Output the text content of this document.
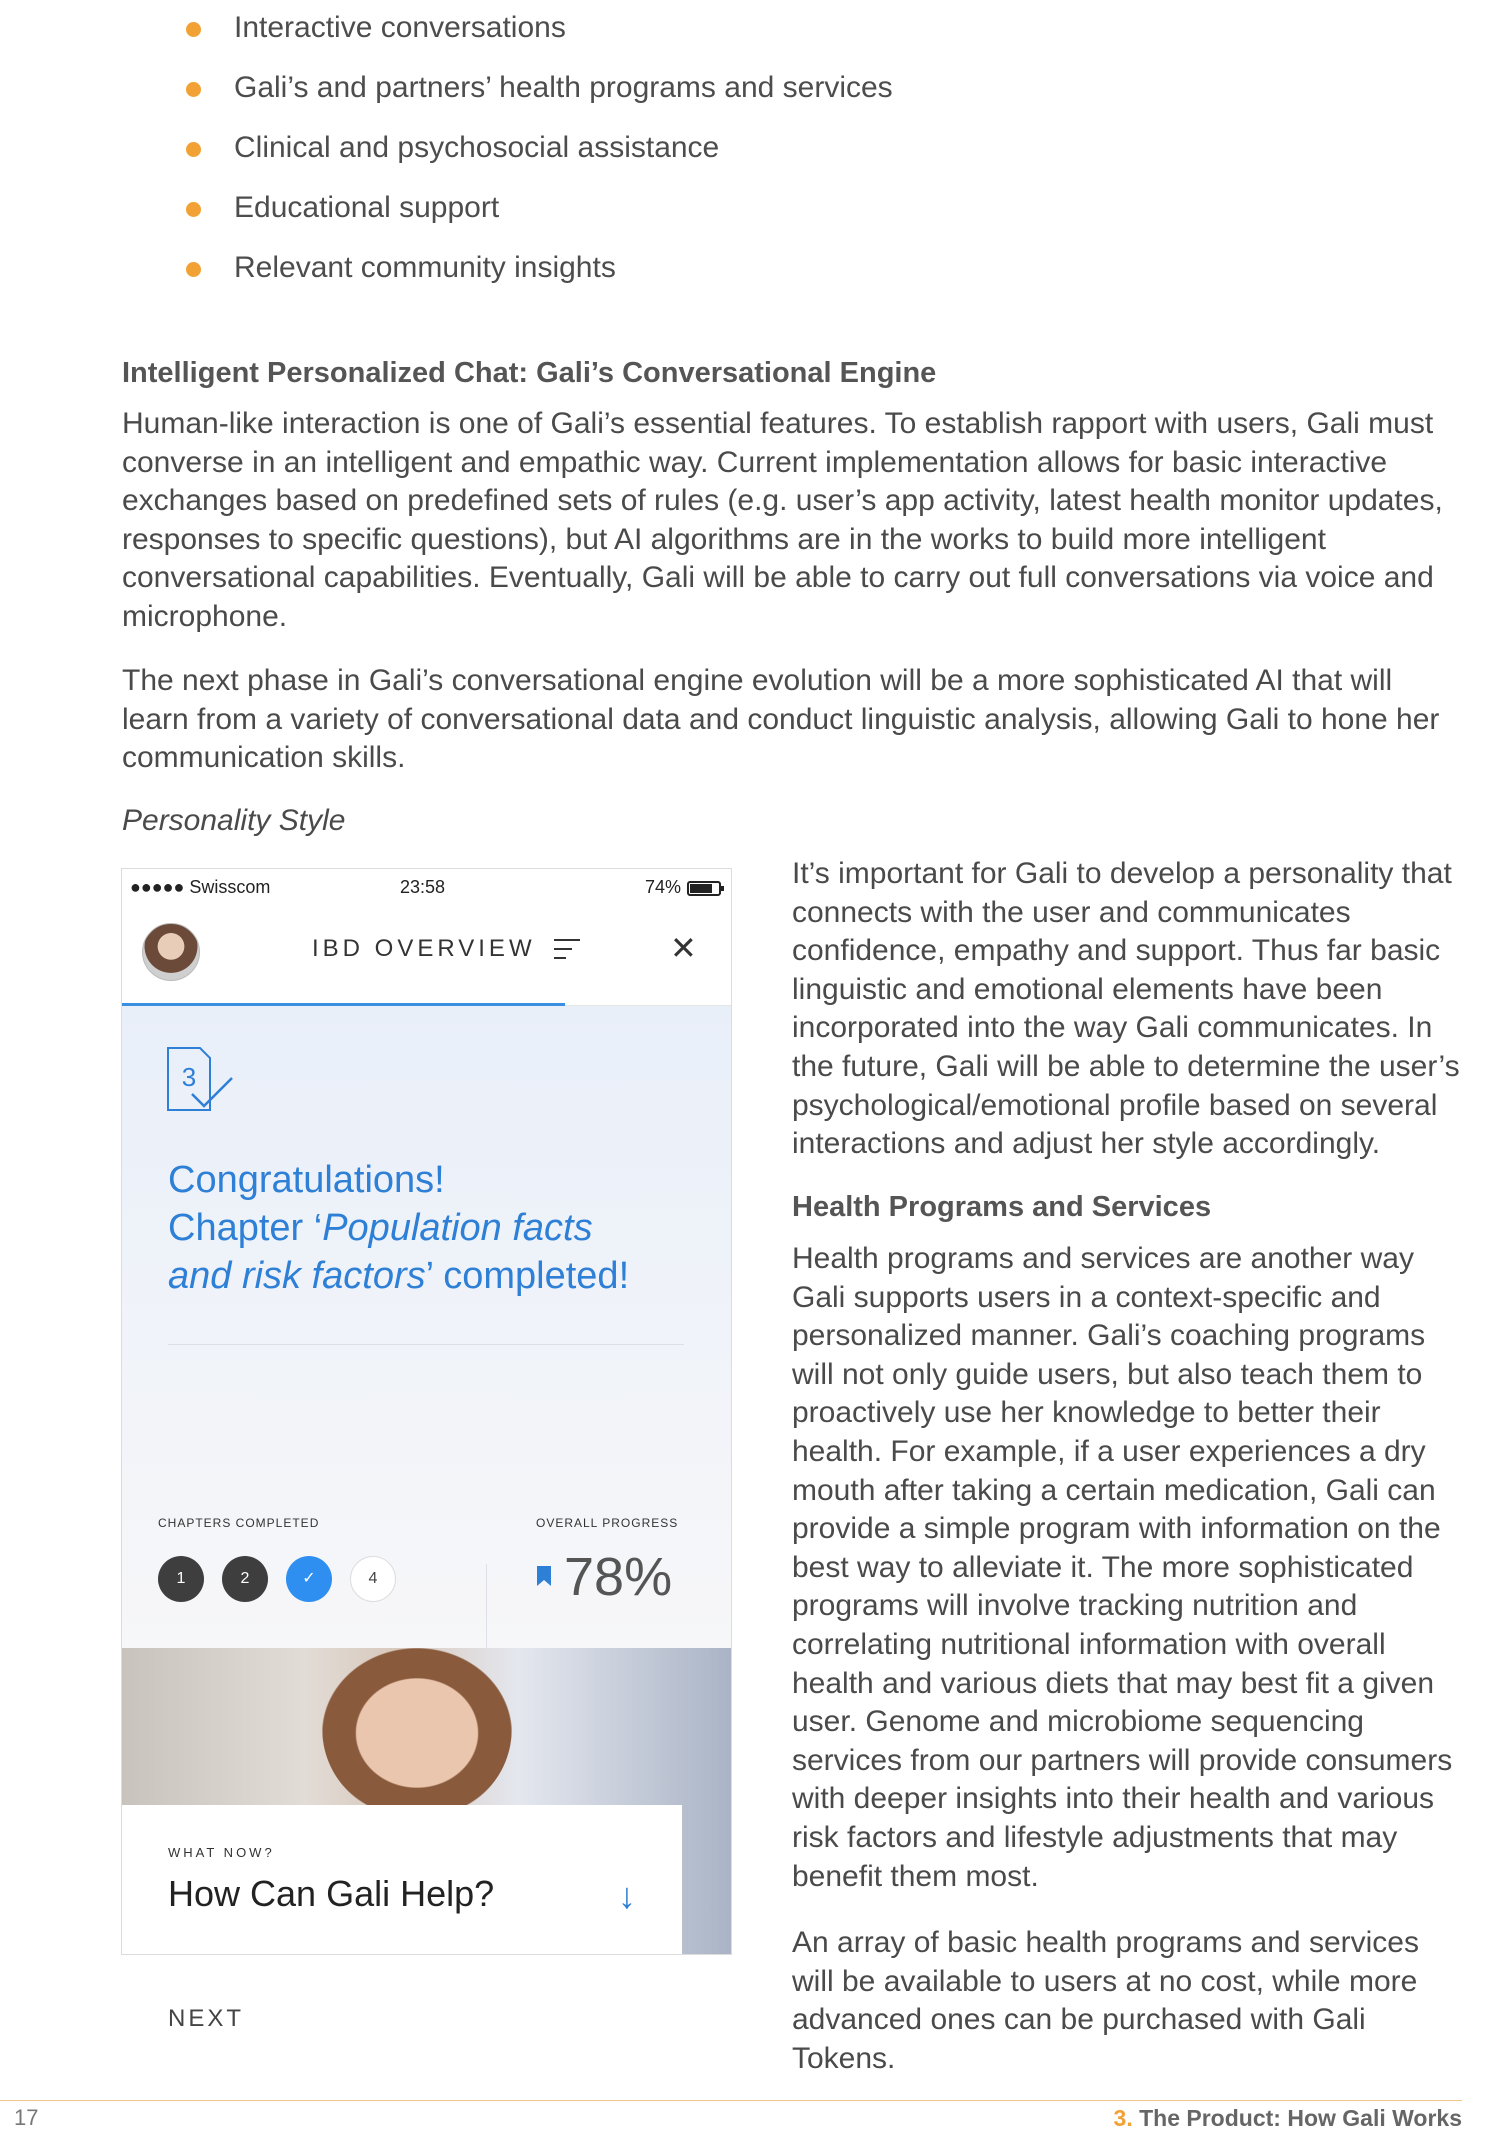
Interactive conversations
Gali’s and partners’ health programs and services
Clinical and psychosocial assistance
Educational support
Relevant community insights
Intelligent Personalized Chat: Gali’s Conversational Engine

Human-like interaction is one of Gali’s essential features. To establish rapport with users, Gali must converse in an intelligent and empathic way. Current implementation allows for basic interactive exchanges based on predefined sets of rules (e.g. user’s app activity, latest health monitor updates, responses to specific questions), but AI algorithms are in the works to build more intelligent conversational capabilities. Eventually, Gali will be able to carry out full conversations via voice and microphone.

The next phase in Gali’s conversational engine evolution will be a more sophisticated AI that will learn from a variety of conversational data and conduct linguistic analysis, allowing Gali to hone her communication skills.

Personality Style

●●●●● Swisscom	23:58	74%
IBD OVERVIEW	✕
3

Congratulations!
Chapter ‘Population facts
and risk factors’ completed!

CHAPTERS COMPLETED	OVERALL PROGRESS
1	2	✓	4	78%
NEXT
WHAT NOW?
How Can Gali Help?	↓

It’s important for Gali to develop a personality that connects with the user and communicates confidence, empathy and support. Thus far basic linguistic and emotional elements have been incorporated into the way Gali communicates. In the future, Gali will be able to determine the user’s psychological/emotional profile based on several interactions and adjust her style accordingly.

Health Programs and Services

Health programs and services are another way Gali supports users in a context-specific and personalized manner. Gali’s coaching programs will not only guide users, but also teach them to proactively use her knowledge to better their health. For example, if a user experiences a dry mouth after taking a certain medication, Gali can provide a simple program with information on the best way to alleviate it. The more sophisticated programs will involve tracking nutrition and correlating nutritional information with overall health and various diets that may best fit a given user. Genome and microbiome sequencing services from our partners will provide consumers with deeper insights into their health and various risk factors and lifestyle adjustments that may benefit them most.

An array of basic health programs and services will be available to users at no cost, while more advanced ones can be purchased with Gali Tokens.

17	3. The Product: How Gali Works
